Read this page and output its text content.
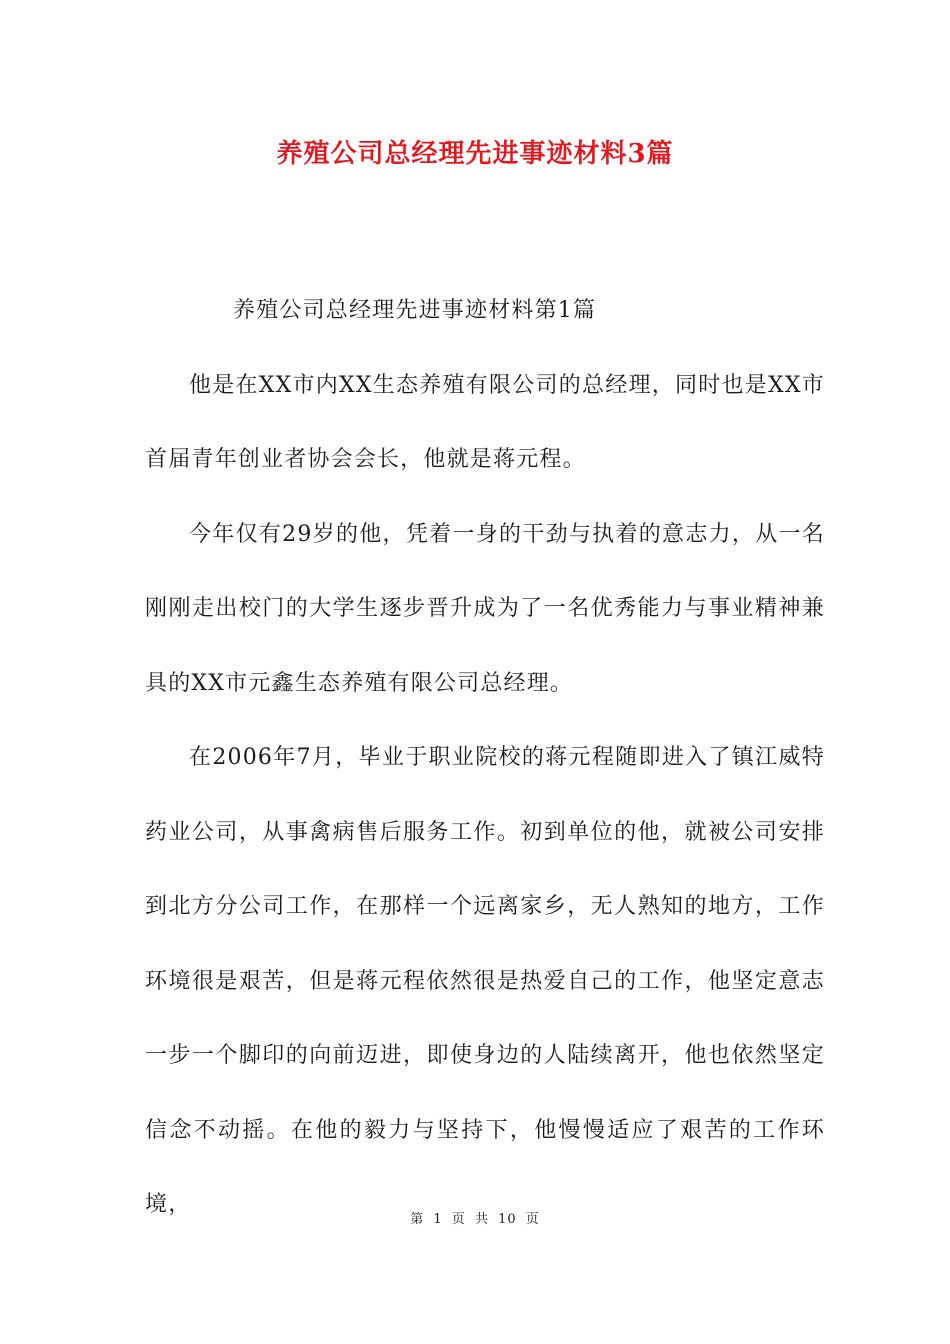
养殖公司总经理先进事迹材料3篇

养殖公司总经理先进事迹材料第1篇

他是在XX市内XX生态养殖有限公司的总经理，同时也是XX市首届青年创业者协会会长，他就是蒋元程。

今年仅有29岁的他，凭着一身的干劲与执着的意志力，从一名刚刚走出校门的大学生逐步晋升成为了一名优秀能力与事业精神兼具的XX市元鑫生态养殖有限公司总经理。

在2006年7月，毕业于职业院校的蒋元程随即进入了镇江威特药业公司，从事禽病售后服务工作。初到单位的他，就被公司安排到北方分公司工作，在那样一个远离家乡，无人熟知的地方，工作环境很是艰苦，但是蒋元程依然很是热爱自己的工作，他坚定意志一步一个脚印的向前迈进，即使身边的人陆续离开，他也依然坚定信念不动摇。在他的毅力与坚持下，他慢慢适应了艰苦的工作环境，

第 1 页 共 10 页
